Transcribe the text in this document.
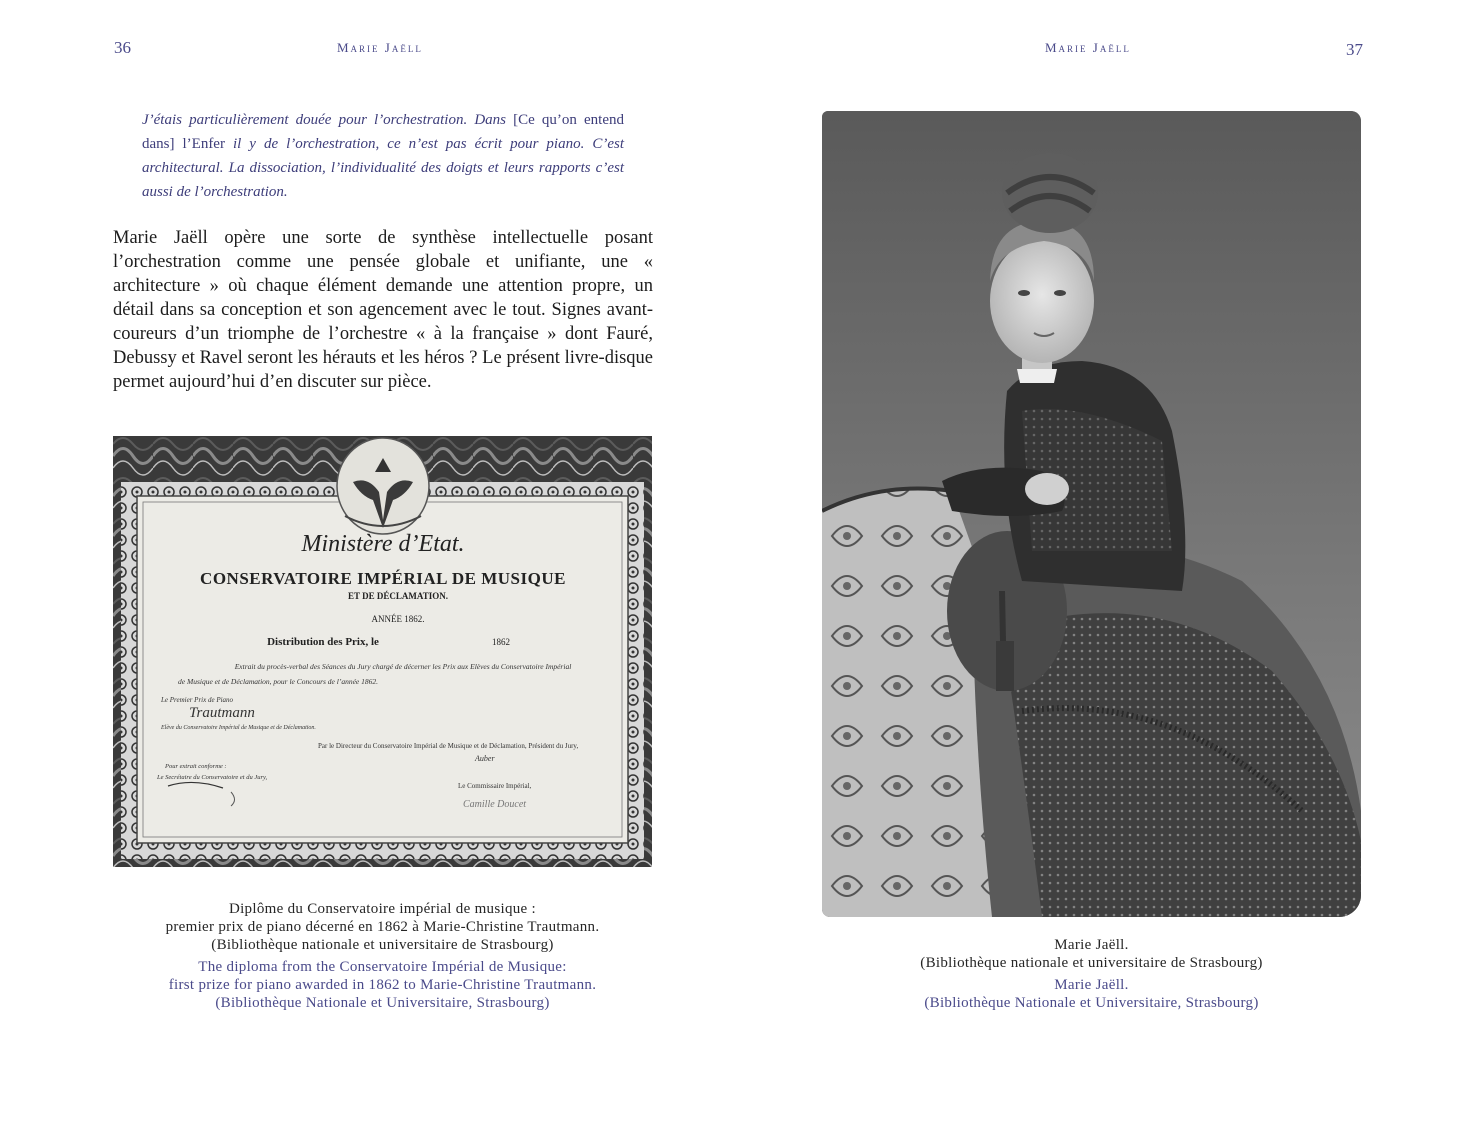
36	Marie Jaëll
J’étais particulièrement douée pour l’orchestration. Dans [Ce qu’on entend dans] l’Enfer il y de l’orchestration, ce n’est pas écrit pour piano. C’est architectural. La dissociation, l’individualité des doigts et leurs rapports c’est aussi de l’orchestration.
Marie Jaëll opère une sorte de synthèse intellectuelle posant l’orchestration comme une pensée globale et unifiante, une « architecture » où chaque élément demande une attention propre, un détail dans sa conception et son agencement avec le tout. Signes avant-coureurs d’un triomphe de l’orchestre « à la française » dont Fauré, Debussy et Ravel seront les hérauts et les héros ? Le présent livre-disque permet aujourd’hui d’en discuter sur pièce.
Ministère d’Etat.
CONSERVATOIRE IMPÉRIAL DE MUSIQUE
ET DE DÉCLAMATION.
ANNÉE 1862.
Distribution des Prix, le	1862
Extrait du procès-verbal des Séances du Jury chargé de décerner les Prix aux Elèves du Conservatoire Impérial
de Musique et de Déclamation, pour le Concours de l’année 1862.
Le Premier Prix de Piano
Trautmann
Elève du Conservatoire Impérial de Musique et de Déclamation.
Par le Directeur du Conservatoire Impérial de Musique et de Déclamation, Président du Jury,
Auber
Pour extrait conforme :
Le Secrétaire du Conservatoire et du Jury,
Le Commissaire Impérial,
Camille Doucet
Diplôme du Conservatoire impérial de musique :
premier prix de piano décerné en 1862 à Marie-Christine Trautmann.
(Bibliothèque nationale et universitaire de Strasbourg)
The diploma from the Conservatoire Impérial de Musique:
first prize for piano awarded in 1862 to Marie-Christine Trautmann.
(Bibliothèque Nationale et Universitaire, Strasbourg)
Marie Jaëll	37
Marie Jaëll.
(Bibliothèque nationale et universitaire de Strasbourg)
Marie Jaëll.
(Bibliothèque Nationale et Universitaire, Strasbourg)
